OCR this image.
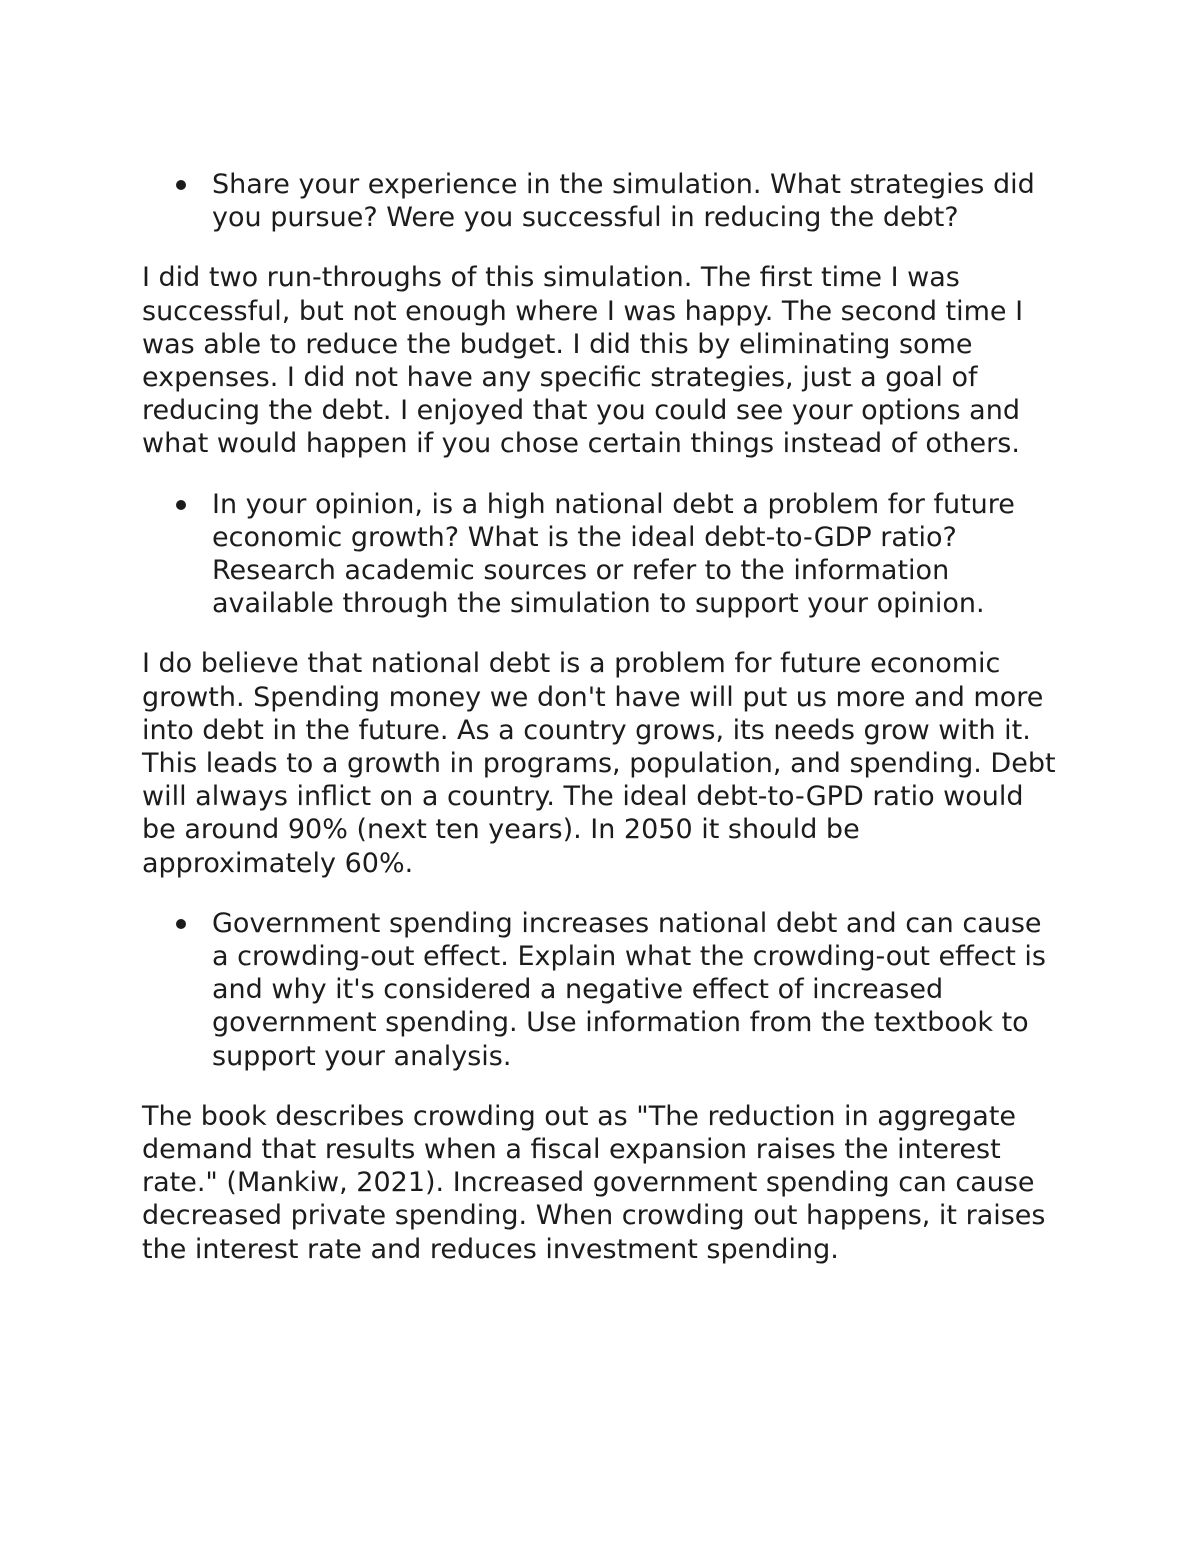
Share your experience in the simulation. What strategies did you pursue? Were you successful in reducing the debt?

I did two run-throughs of this simulation. The first time I was successful, but not enough where I was happy. The second time I was able to reduce the budget. I did this by eliminating some expenses. I did not have any specific strategies, just a goal of reducing the debt. I enjoyed that you could see your options and what would happen if you chose certain things instead of others.

In your opinion, is a high national debt a problem for future economic growth? What is the ideal debt-to-GDP ratio? Research academic sources or refer to the information available through the simulation to support your opinion.

I do believe that national debt is a problem for future economic growth. Spending money we don't have will put us more and more into debt in the future. As a country grows, its needs grow with it. This leads to a growth in programs, population, and spending. Debt will always inflict on a country. The ideal debt-to-GPD ratio would be around 90% (next ten years). In 2050 it should be approximately 60%.

Government spending increases national debt and can cause a crowding-out effect. Explain what the crowding-out effect is and why it's considered a negative effect of increased government spending. Use information from the textbook to support your analysis.

The book describes crowding out as "The reduction in aggregate demand that results when a fiscal expansion raises the interest rate." (Mankiw, 2021). Increased government spending can cause decreased private spending. When crowding out happens, it raises the interest rate and reduces investment spending.
